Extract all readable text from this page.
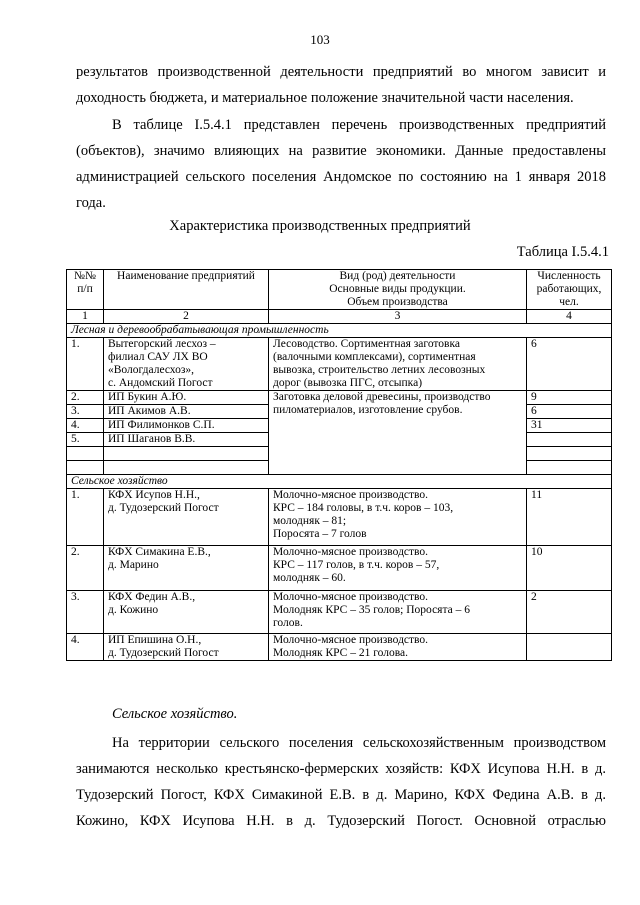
103
результатов производственной деятельности предприятий во многом зависит и
доходность бюджета, и материальное положение значительной части населения.
В таблице I.5.4.1 представлен перечень производственных предприятий
(объектов), значимо влияющих на развитие экономики. Данные предоставлены
администрацией сельского поселения Андомское по состоянию на 1 января 2018
года.
Характеристика производственных предприятий
Таблица I.5.4.1
№№
п/п	Наименование предприятий	Вид (род) деятельности
Основные виды продукции.
Объем производства	Численность
работающих,
чел.
1	2	3	4
Лесная и деревообрабатывающая промышленность			
1.	Вытегорский лесхоз –
филиал САУ ЛХ ВО
«Вологдалесхоз»,
с. Андомский Погост	Лесоводство. Сортиментная заготовка
(валочными комплексами), сортиментная
вывозка, строительство летних лесовозных
дорог (вывозка ПГС, отсыпка)	6
2.	ИП Букин А.Ю.	Заготовка деловой древесины, производство
пиломатериалов, изготовление срубов.	9
3.	ИП Акимов А.В.		6
4.	ИП Филимонков С.П.		31
5.	ИП Шаганов В.В.		

Сельское хозяйство			
1.	КФХ Исупов Н.Н.,
д. Тудозерский Погост	Молочно-мясное производство.
КРС – 184 головы, в т.ч. коров – 103,
молодняк – 81;
Поросята – 7 голов	11
2.	КФХ Симакина Е.В.,
д. Марино	Молочно-мясное производство.
КРС – 117 голов, в т.ч. коров – 57,
молодняк – 60.	10
3.	КФХ Федин А.В.,
д. Кожино	Молочно-мясное производство.
Молодняк КРС – 35 голов; Поросята – 6
голов.	2
4.	ИП Епишина О.Н.,
д. Тудозерский Погост	Молочно-мясное производство.
Молодняк КРС – 21 голова.	
Сельское хозяйство.
На территории сельского поселения сельскохозяйственным производством
занимаются несколько крестьянско-фермерских хозяйств: КФХ Исупова Н.Н. в д.
Тудозерский Погост, КФХ Симакиной Е.В. в д. Марино, КФХ Федина А.В. в д.
Кожино, КФХ Исупова Н.Н. в д. Тудозерский Погост. Основной отраслью
